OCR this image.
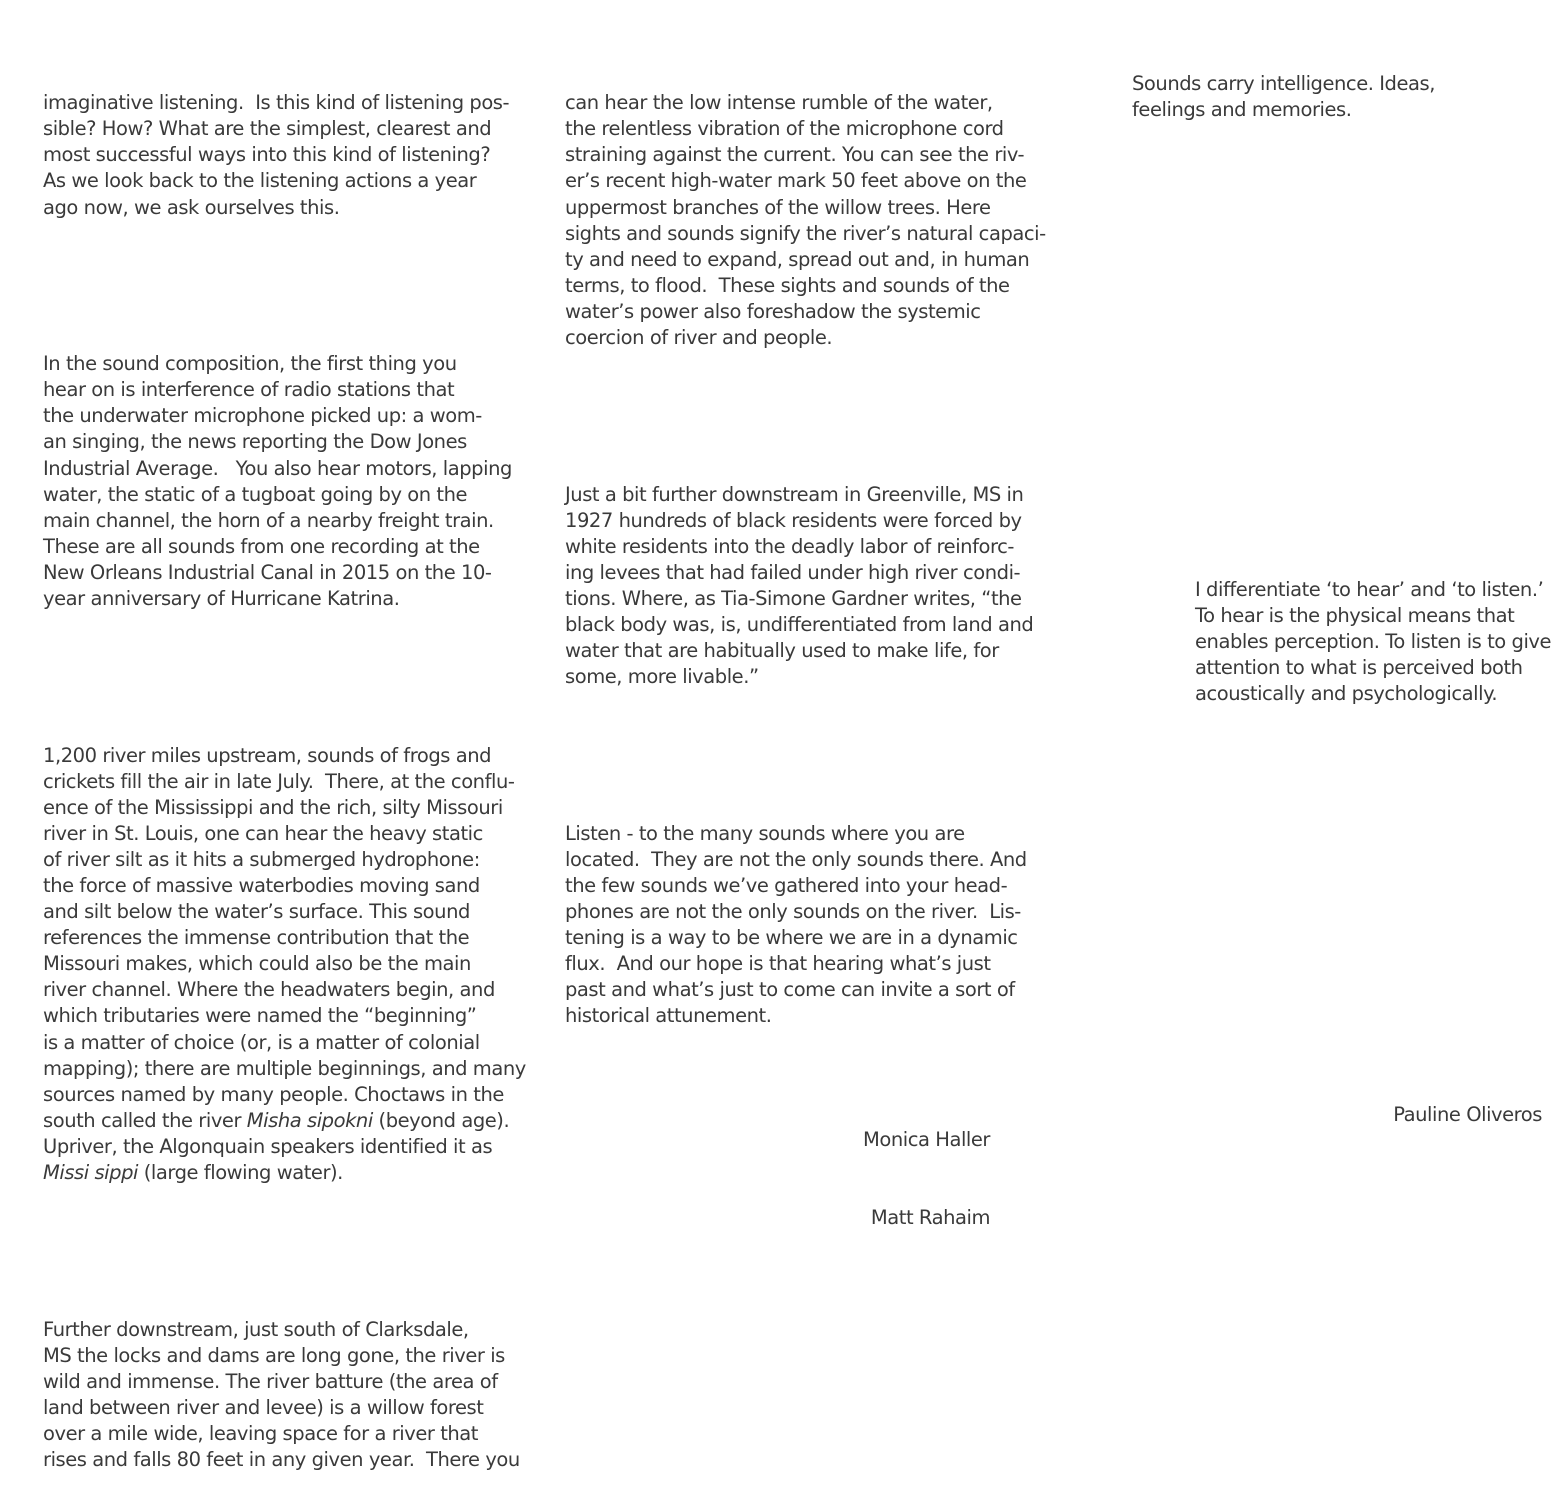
imaginative listening.  Is this kind of listening pos-
sible? How? What are the simplest, clearest and
most successful ways into this kind of listening?
As we look back to the listening actions a year
ago now, we ask ourselves this.

In the sound composition, the first thing you
hear on is interference of radio stations that
the underwater microphone picked up: a wom-
an singing, the news reporting the Dow Jones
Industrial Average.   You also hear motors, lapping
water, the static of a tugboat going by on the
main channel, the horn of a nearby freight train.
These are all sounds from one recording at the
New Orleans Industrial Canal in 2015 on the 10-
year anniversary of Hurricane Katrina.

1,200 river miles upstream, sounds of frogs and
crickets fill the air in late July.  There, at the conflu-
ence of the Mississippi and the rich, silty Missouri
river in St. Louis, one can hear the heavy static
of river silt as it hits a submerged hydrophone:
the force of massive waterbodies moving sand
and silt below the water’s surface. This sound
references the immense contribution that the
Missouri makes, which could also be the main
river channel. Where the headwaters begin, and
which tributaries were named the “beginning”
is a matter of choice (or, is a matter of colonial
mapping); there are multiple beginnings, and many
sources named by many people. Choctaws in the
south called the river Misha sipokni (beyond age).
Upriver, the Algonquain speakers identified it as
Missi sippi (large flowing water).

Further downstream, just south of Clarksdale,
MS the locks and dams are long gone, the river is
wild and immense. The river batture (the area of
land between river and levee) is a willow forest
over a mile wide, leaving space for a river that
rises and falls 80 feet in any given year.  There you

can hear the low intense rumble of the water,
the relentless vibration of the microphone cord
straining against the current. You can see the riv-
er’s recent high-water mark 50 feet above on the
uppermost branches of the willow trees. Here
sights and sounds signify the river’s natural capaci-
ty and need to expand, spread out and, in human
terms, to flood.  These sights and sounds of the
water’s power also foreshadow the systemic
coercion of river and people.

Just a bit further downstream in Greenville, MS in
1927 hundreds of black residents were forced by
white residents into the deadly labor of reinforc-
ing levees that had failed under high river condi-
tions. Where, as Tia-Simone Gardner writes, “the
black body was, is, undifferentiated from land and
water that are habitually used to make life, for
some, more livable.”

Listen - to the many sounds where you are
located.  They are not the only sounds there. And
the few sounds we’ve gathered into your head-
phones are not the only sounds on the river.  Lis-
tening is a way to be where we are in a dynamic
flux.  And our hope is that hearing what’s just
past and what’s just to come can invite a sort of
historical attunement.

Monica Haller

Matt Rahaim

Sounds carry intelligence. Ideas,
feelings and memories.
I differentiate ‘to hear’ and ‘to listen.’
To hear is the physical means that
enables perception. To listen is to give
attention to what is perceived both
acoustically and psychologically.
Pauline Oliveros
